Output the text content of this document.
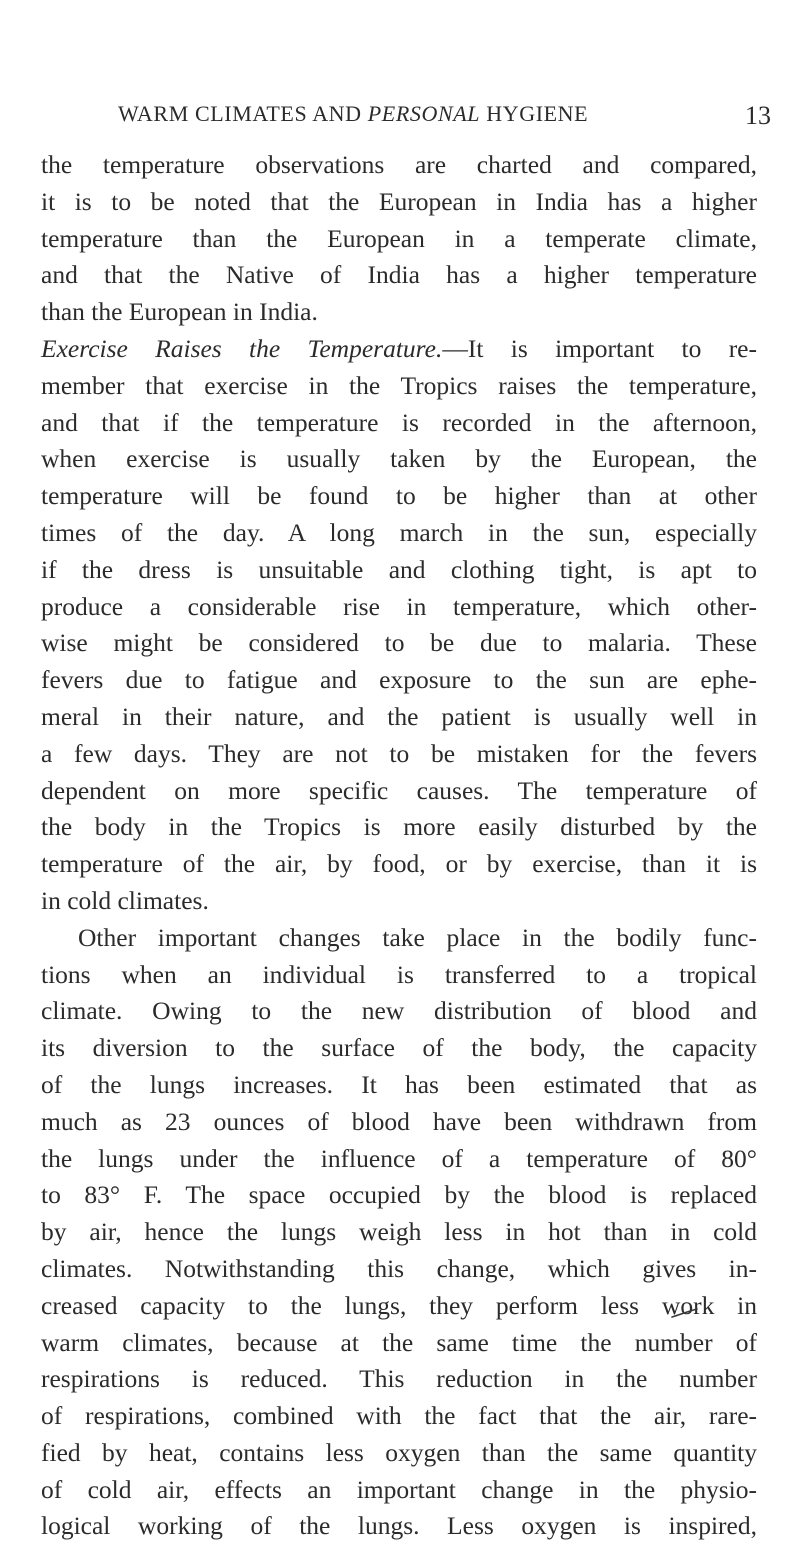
WARM CLIMATES AND PERSONAL HYGIENE	13
the temperature observations are charted and compared,
it is to be noted that the European in India has a higher
temperature than the European in a temperate climate,
and that the Native of India has a higher temperature
than the European in India.
Exercise Raises the Temperature.—It is important to re-
member that exercise in the Tropics raises the temperature,
and that if the temperature is recorded in the afternoon,
when exercise is usually taken by the European, the
temperature will be found to be higher than at other
times of the day. A long march in the sun, especially
if the dress is unsuitable and clothing tight, is apt to
produce a considerable rise in temperature, which other-
wise might be considered to be due to malaria. These
fevers due to fatigue and exposure to the sun are ephe-
meral in their nature, and the patient is usually well in
a few days. They are not to be mistaken for the fevers
dependent on more specific causes. The temperature of
the body in the Tropics is more easily disturbed by the
temperature of the air, by food, or by exercise, than it is
in cold climates.
Other important changes take place in the bodily func-
tions when an individual is transferred to a tropical
climate. Owing to the new distribution of blood and
its diversion to the surface of the body, the capacity
of the lungs increases. It has been estimated that as
much as 23 ounces of blood have been withdrawn from
the lungs under the influence of a temperature of 80°
to 83° F. The space occupied by the blood is replaced
by air, hence the lungs weigh less in hot than in cold
climates. Notwithstanding this change, which gives in-
creased capacity to the lungs, they perform less work in
warm climates, because at the same time the number of
respirations is reduced. This reduction in the number
of respirations, combined with the fact that the air, rare-
fied by heat, contains less oxygen than the same quantity
of cold air, effects an important change in the physio-
logical working of the lungs. Less oxygen is inspired,
